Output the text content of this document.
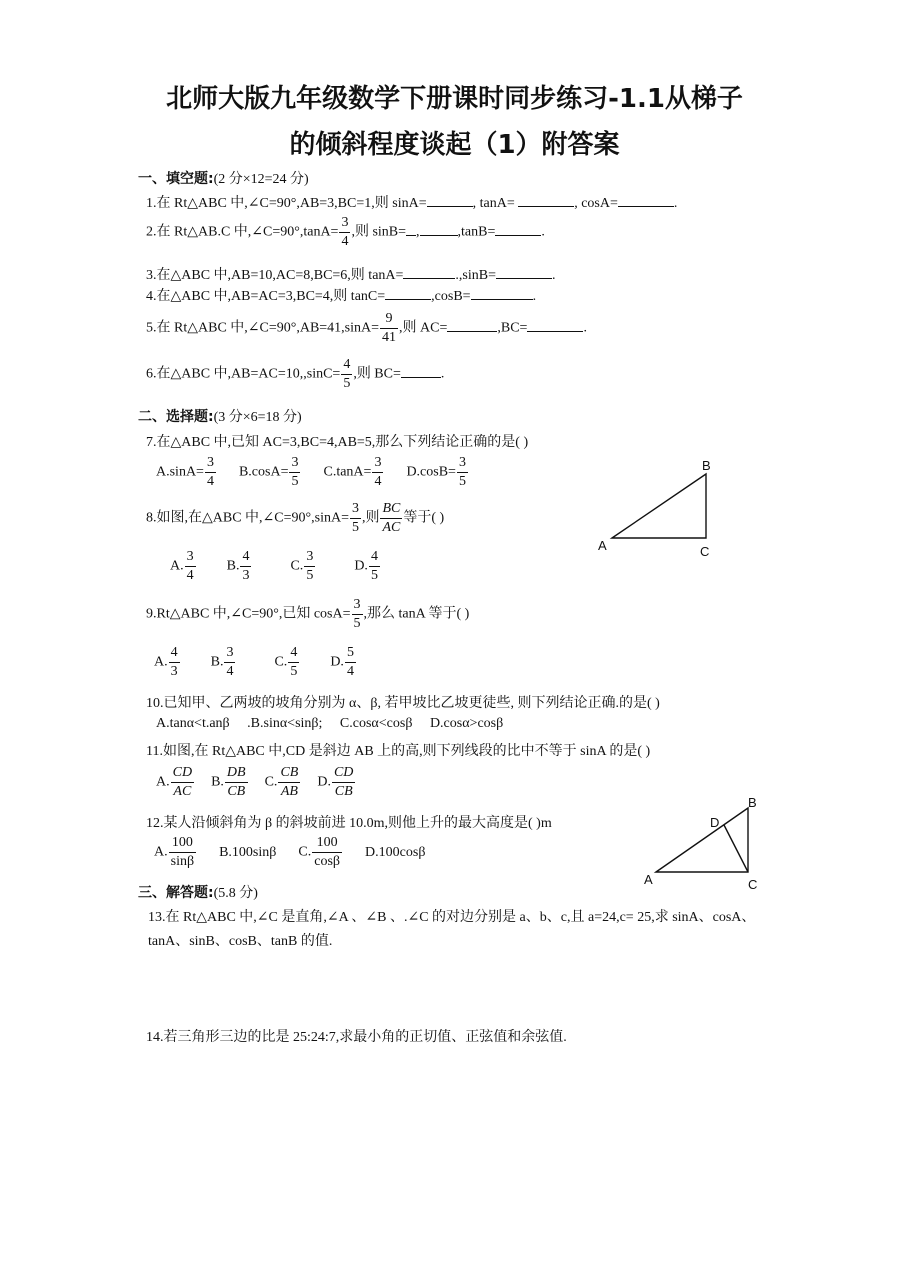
北师大版九年级数学下册课时同步练习-1.1从梯子
的倾斜程度谈起（1）附答案
一、填空题:(2 分×12=24 分)
1.在 Rt△ABC 中,∠C=90°,AB=3,BC=1,则 sinA=	, tanA=	, cosA=	.
2.在 Rt△AB.C 中,∠C=90°,tanA= $\frac{3}{4}$ ,则 sinB= ,	,tanB=	.
3.在△ABC 中,AB=10,AC=8,BC=6,则 tanA=	.,sinB=	.
4.在△ABC 中,AB=AC=3,BC=4,则 tanC=	,cosB=	.
5.在 Rt△ABC 中,∠C=90°,AB=41,sinA= $\frac{9}{41}$ ,则 AC=	,BC=	.
6.在△ABC 中$,AB=AC=10,,\sin C= \frac{4}{5}$ ,则 BC=	.
二、选择题:(3 分×6=18 分)
7.在△ABC 中,已知 AC=3,BC=4,AB=5,那么下列结论正确的是( )
$A.\sin A= \frac{3}{4} B.\cos A= \frac{3}{5} C.\tan A= \frac{3}{4} D.\cos B= \frac{3}{5}$
8.如图,在△ABC 中,∠C=90°,sinA= $\frac{3}{5}$ ,则 $\frac{BC}{AC}$ 等于( )
A. $\frac{3}{4} B$. $\frac{4}{3}$	C. $\frac{3}{5}$	D. $\frac{4}{5}$
9.Rt△ABC 中,∠C=90°,已知 $\cos A= \frac{3}{5}$ ,那么 tanA 等于( )
A. $\frac{4}{3} B$. $\frac{3}{4}$	C. $\frac{4}{5} D$. $\frac{5}{4}$
10.已知甲、乙两坡的坡角分别为 α、β, 若甲坡比乙坡更徒些, 则下列结论正确.的是( )
A.tanα<t.anβ     .B.sinα<sinβ;     C.cosα<cosβ     D.cosα>cosβ
11.如图,在 Rt△ABC 中,CD 是斜边 AB 上的高,则下列线段的比中不等于 sinA 的是( )
A. $\frac{CD}{AC} B$. $\frac{DB}{CB} C$. $\frac{CB}{AB} D$. $\frac{CD}{CB}$
12.某人沿倾斜角为 β 的斜坡前进 10.0m,则他上升的最大高度是( )m
A. $\frac{100}{\sin\beta} B.100\sin\beta$ C. $\frac{100}{\cos\beta} D.100\cos\beta$
三、解答题:(5.8 分)
13.在 Rt△ABC 中,∠C 是直角,∠A 、∠B 、.∠C 的对边分别是 a、b、c,且 a=24,c= 25,求 sinA、cosA、tanA、sinB、cosB、tanB 的值.
14.若三角形三边的比是 25:24:7,求最小角的正切值、正弦值和余弦值.
A
B
C
A
B
C
D
